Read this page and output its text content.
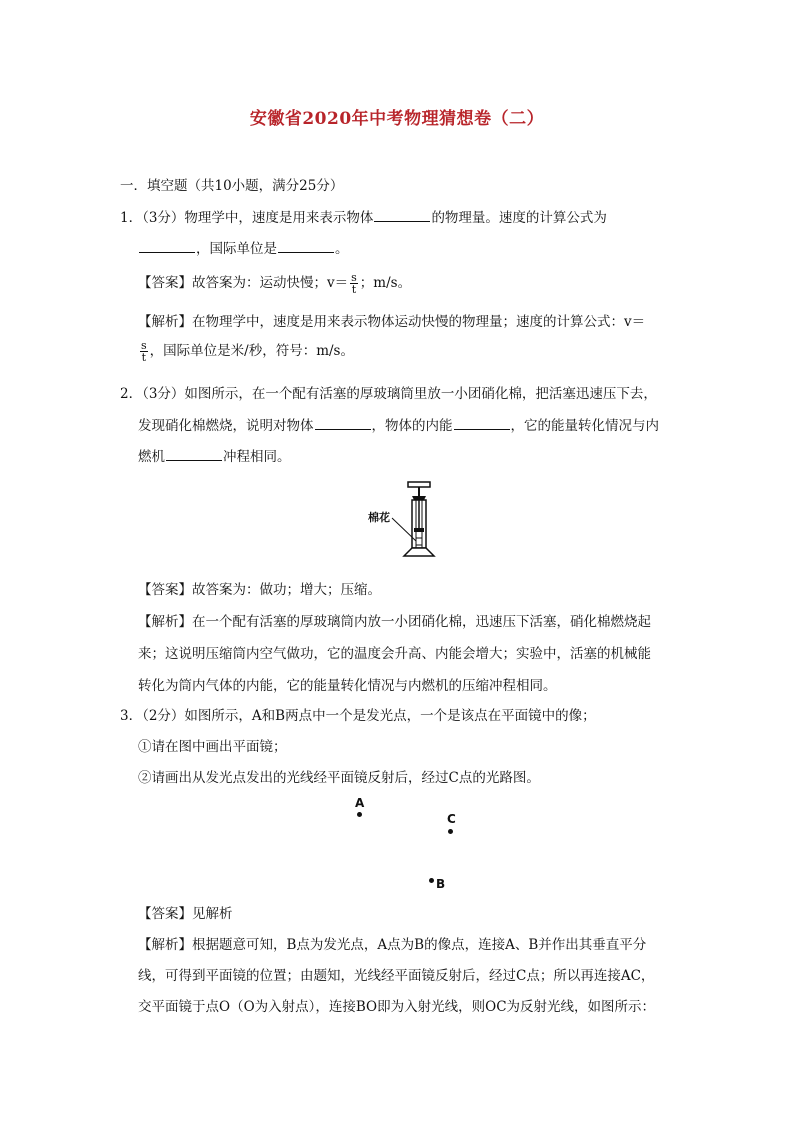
安徽省2020年中考物理猜想卷（二）
一．填空题（共10小题，满分25分）
1．（3分）物理学中，速度是用来表示物体	的物理量。速度的计算公式为
，国际单位是	。
【答案】故答案为：运动快慢；$v= \frac{s}{t}$ ；m/s。
【解析】在物理学中，速度是用来表示物体运动快慢的物理量；速度的计算公式：v＝
$\frac{s}{t}$ ，国际单位是米/秒，符号：m/s。
2．（3分）如图所示，在一个配有活塞的厚玻璃筒里放一小团硝化棉，把活塞迅速压下去，
发现硝化棉燃烧，说明对物体	，物体的内能	，它的能量转化情况与内
燃机	冲程相同。
棉花
【答案】故答案为：做功；增大；压缩。
【解析】在一个配有活塞的厚玻璃筒内放一小团硝化棉，迅速压下活塞，硝化棉燃烧起
来；这说明压缩筒内空气做功，它的温度会升高、内能会增大；实验中，活塞的机械能
转化为筒内气体的内能，它的能量转化情况与内燃机的压缩冲程相同。
3．（2分）如图所示，A和B两点中一个是发光点，一个是该点在平面镜中的像；
①请在图中画出平面镜；
②请画出从发光点发出的光线经平面镜反射后，经过C点的光路图。
A
C
B
【答案】见解析
【解析】根据题意可知，B点为发光点，A点为B的像点，连接A、B并作出其垂直平分
线，可得到平面镜的位置；由题知，光线经平面镜反射后，经过C点；所以再连接AC，
交平面镜于点O（O为入射点），连接BO即为入射光线，则OC为反射光线，如图所示：
